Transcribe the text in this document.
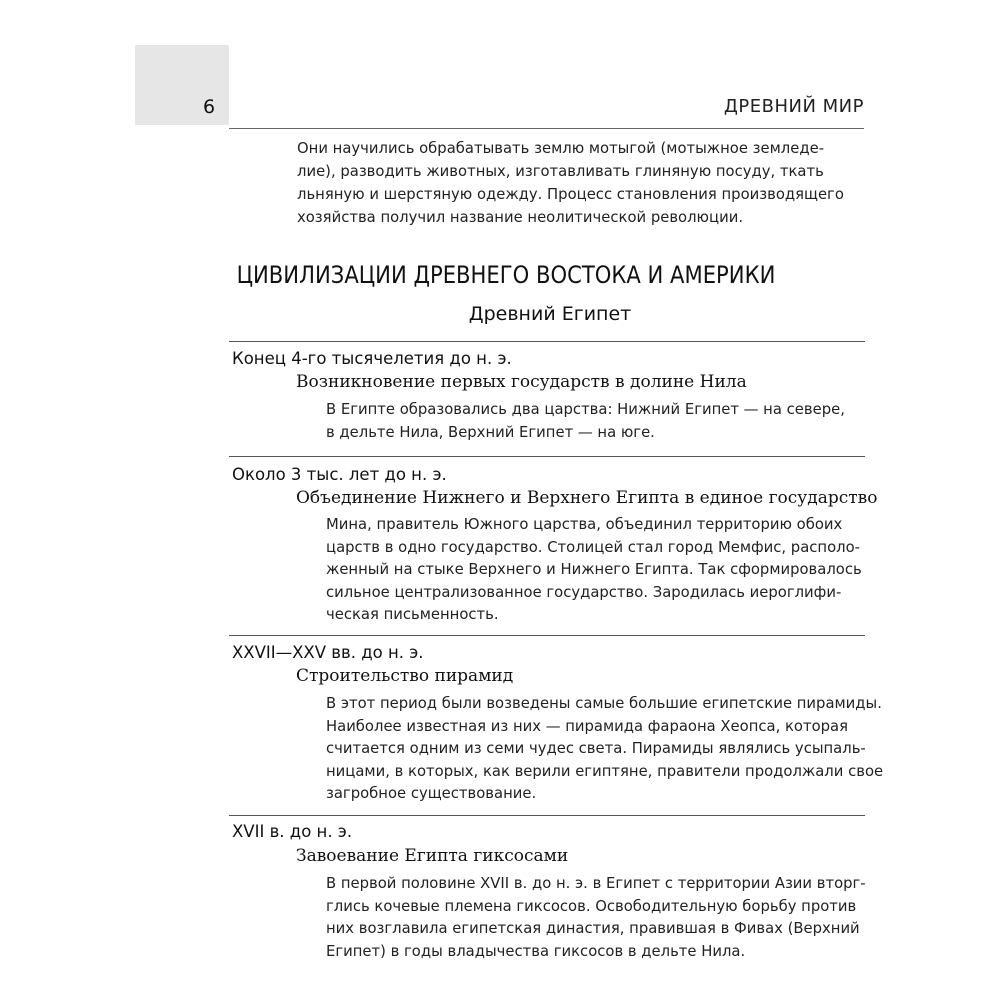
6	ДРЕВНИЙ МИР
Они научились обрабатывать землю мотыгой (мотыжное земледе-
лие), разводить животных, изготавливать глиняную посуду, ткать
льняную и шерстяную одежду. Процесс становления производящего
хозяйства получил название неолитической революции.
ЦИВИЛИЗАЦИИ ДРЕВНЕГО ВОСТОКА И АМЕРИКИ
Древний Египет
Конец 4-го тысячелетия до н. э.
Возникновение первых государств в долине Нила
В Египте образовались два царства: Нижний Египет — на севере,
в дельте Нила, Верхний Египет — на юге.
Около 3 тыс. лет до н. э.
Объединение Нижнего и Верхнего Египта в единое государство
Мина, правитель Южного царства, объединил территорию обоих
царств в одно государство. Столицей стал город Мемфис, располо-
женный на стыке Верхнего и Нижнего Египта. Так сформировалось
сильное централизованное государство. Зародилась иероглифи-
ческая письменность.
XXVII—XXV вв. до н. э.
Строительство пирамид
В этот период были возведены самые большие египетские пирамиды.
Наиболее известная из них — пирамида фараона Хеопса, которая
считается одним из семи чудес света. Пирамиды являлись усыпаль-
ницами, в которых, как верили египтяне, правители продолжали свое
загробное существование.
XVII в. до н. э.
Завоевание Египта гиксосами
В первой половине XVII в. до н. э. в Египет с территории Азии вторг-
глись кочевые племена гиксосов. Освободительную борьбу против
них возглавила египетская династия, правившая в Фивах (Верхний
Египет) в годы владычества гиксосов в дельте Нила.
